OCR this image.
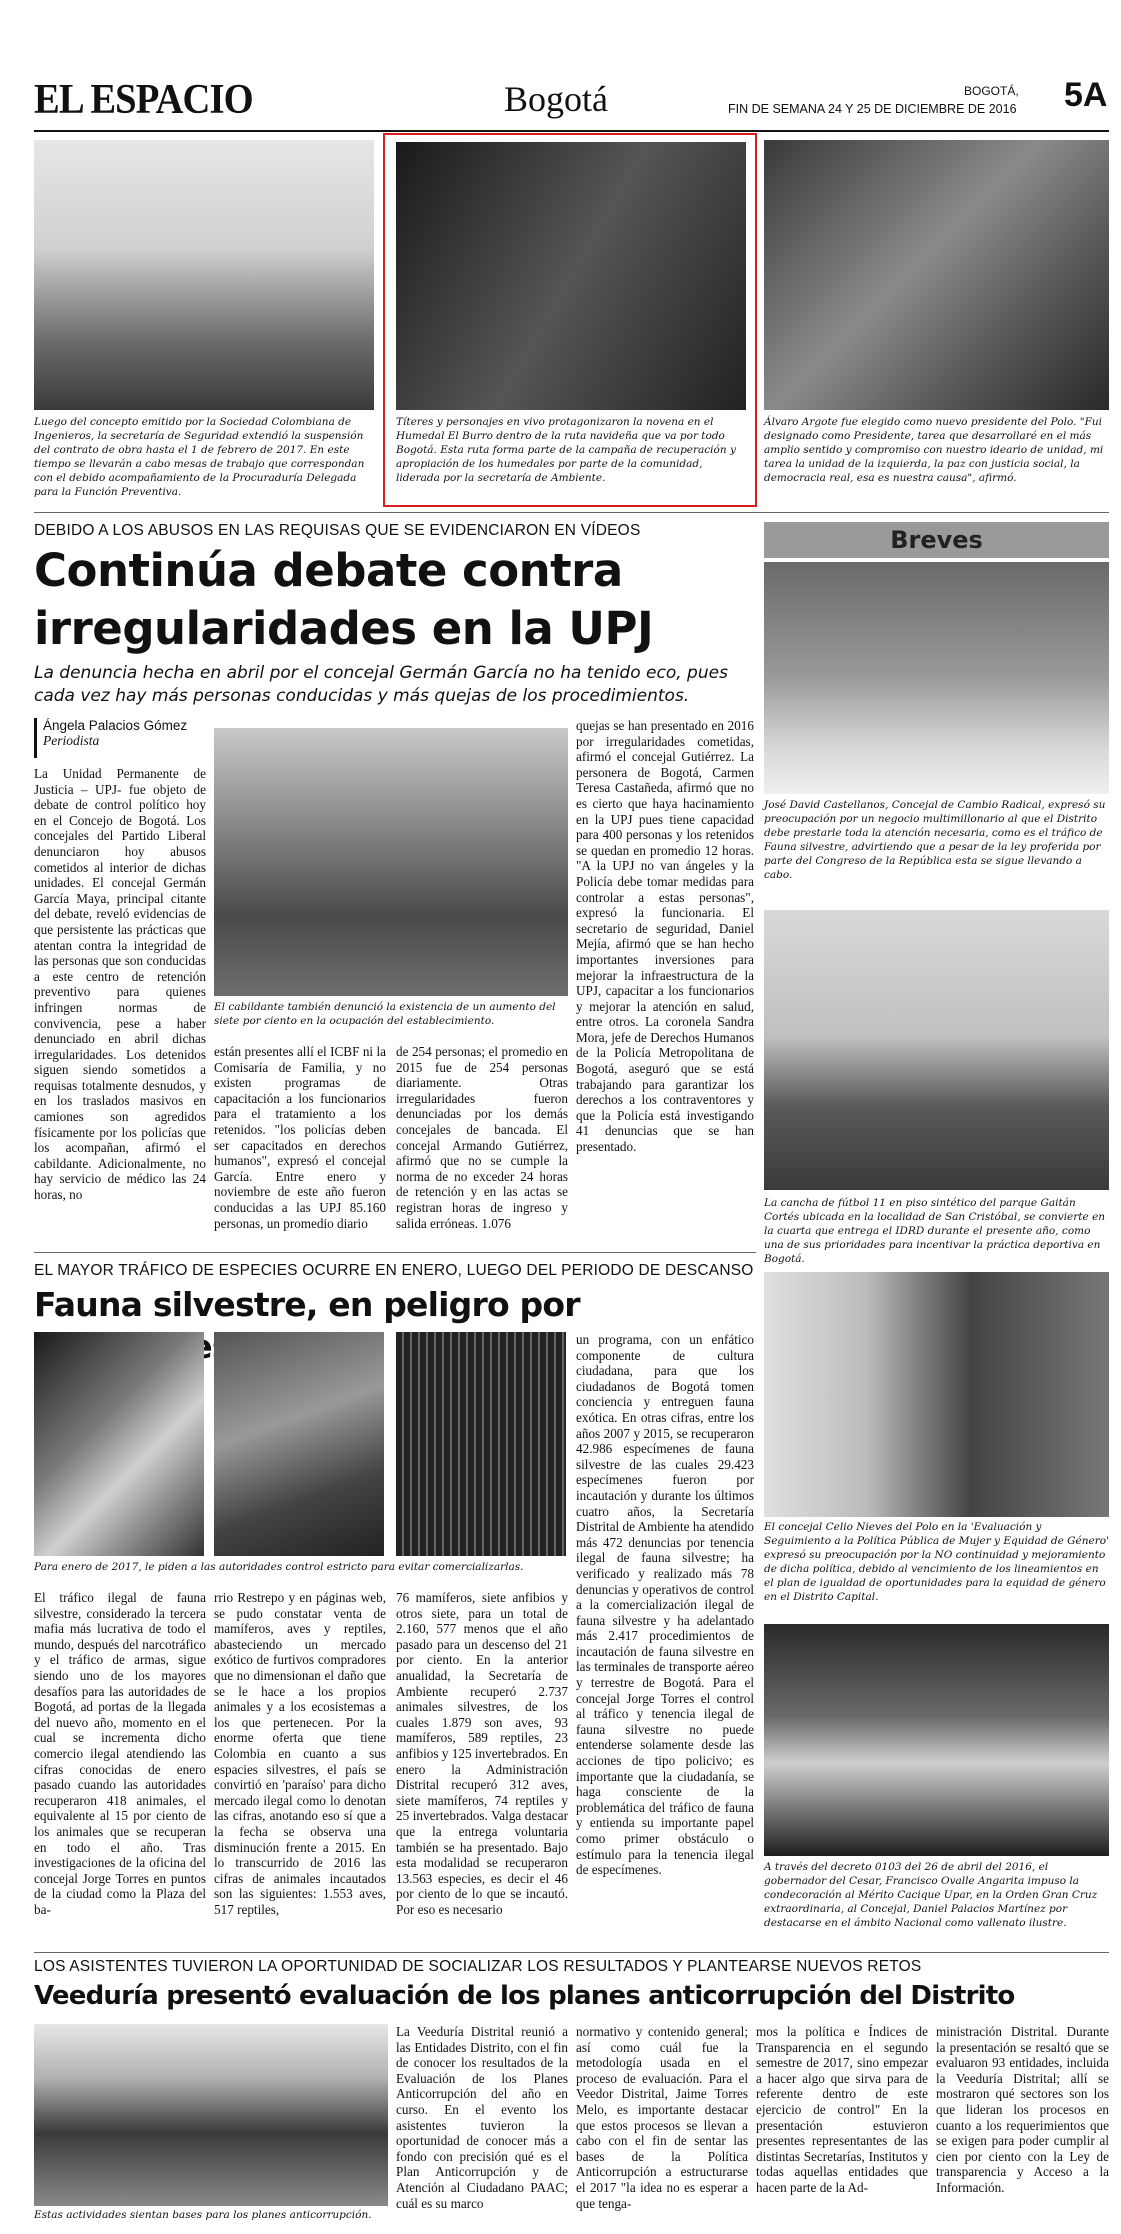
EL ESPACIO	Bogotá	BOGOTÁ,
FIN DE SEMANA 24 Y 25 DE DICIEMBRE DE 2016 5A
Luego del concepto emitido por la Sociedad Colombiana de Ingenieros, la secretaría de Seguridad extendió la suspensión del contrato de obra hasta el 1 de febrero de 2017. En este tiempo se llevarán a cabo mesas de trabajo que correspondan con el debido acompañamiento de la Procuraduría Delegada para la Función Preventiva.
Títeres y personajes en vivo protagonizaron la novena en el Humedal El Burro dentro de la ruta navideña que va por todo Bogotá. Esta ruta forma parte de la campaña de recuperación y apropiación de los humedales por parte de la comunidad, liderada por la secretaría de Ambiente.
Álvaro Argote fue elegido como nuevo presidente del Polo. "Fui designado como Presidente, tarea que desarrollaré en el más amplio sentido y compromiso con nuestro ideario de unidad, mi tarea la unidad de la izquierda, la paz con justicia social, la democracia real, esa es nuestra causa", afirmó.
DEBIDO A LOS ABUSOS EN LAS REQUISAS QUE SE EVIDENCIARON EN VÍDEOS
Continúa debate contra irregularidades en la UPJ
La denuncia hecha en abril por el concejal Germán García no ha tenido eco, pues cada vez hay más personas conducidas y más quejas de los procedimientos.
Ángela Palacios Gómez
Periodista
La Unidad Permanente de Justicia – UPJ- fue objeto de debate de control político hoy en el Concejo de Bogotá. Los concejales del Partido Liberal denunciaron hoy abusos cometidos al interior de dichas unidades. El concejal Germán García Maya, principal citante del debate, reveló evidencias de que persistente las prácticas que atentan contra la integridad de las personas que son conducidas a este centro de retención preventivo para quienes infringen normas de convivencia, pese a haber denunciado en abril dichas irregularidades. Los detenidos siguen siendo sometidos a requisas totalmente desnudos, y en los traslados masivos en camiones son agredidos físicamente por los policías que los acompañan, afirmó el cabildante. Adicionalmente, no hay servicio de médico las 24 horas, no
El cabildante también denunció la existencia de un aumento del siete por ciento en la ocupación del establecimiento.
están presentes allí el ICBF ni la Comisaría de Familia, y no existen programas de capacitación a los funcionarios para el tratamiento a los retenidos. "los policías deben ser capacitados en derechos humanos", expresó el concejal García. Entre enero y noviembre de este año fueron conducidas a las UPJ 85.160 personas, un promedio diario
de 254 personas; el promedio en 2015 fue de 254 personas diariamente. Otras irregularidades fueron denunciadas por los demás concejales de bancada. El concejal Armando Gutiérrez, afirmó que no se cumple la norma de no exceder 24 horas de retención y en las actas se registran horas de ingreso y salida erróneas. 1.076
quejas se han presentado en 2016 por irregularidades cometidas, afirmó el concejal Gutiérrez. La personera de Bogotá, Carmen Teresa Castañeda, afirmó que no es cierto que haya hacinamiento en la UPJ pues tiene capacidad para 400 personas y los retenidos se quedan en promedio 12 horas. "A la UPJ no van ángeles y la Policía debe tomar medidas para controlar a estas personas", expresó la funcionaria. El secretario de seguridad, Daniel Mejía, afirmó que se han hecho importantes inversiones para mejorar la infraestructura de la UPJ, capacitar a los funcionarios y mejorar la atención en salud, entre otros. La coronela Sandra Mora, jefe de Derechos Humanos de la Policía Metropolitana de Bogotá, aseguró que se está trabajando para garantizar los derechos a los contraventores y que la Policía está investigando 41 denuncias que se han presentado.
Breves
José David Castellanos, Concejal de Cambio Radical, expresó su preocupación por un negocio multimillonario al que el Distrito debe prestarle toda la atención necesaria, como es el tráfico de Fauna silvestre, advirtiendo que a pesar de la ley proferida por parte del Congreso de la República esta se sigue llevando a cabo.
La cancha de fútbol 11 en piso sintético del parque Gaitán Cortés ubicada en la localidad de San Cristóbal, se convierte en la cuarta que entrega el IDRD durante el presente año, como una de sus prioridades para incentivar la práctica deportiva en Bogotá.
El concejal Celio Nieves del Polo en la 'Evaluación y Seguimiento a la Política Pública de Mujer y Equidad de Género' expresó su preocupación por la NO continuidad y mejoramiento de dicha política, debido al vencimiento de los lineamientos en el plan de igualdad de oportunidades para la equidad de género en el Distrito Capital.
A través del decreto 0103 del 26 de abril del 2016, el gobernador del Cesar, Francisco Ovalle Angarita impuso la condecoración al Mérito Cacique Upar, en la Orden Gran Cruz extraordinaria, al Concejal, Daniel Palacios Martínez por destacarse en el ámbito Nacional como vallenato ilustre.
EL MAYOR TRÁFICO DE ESPECIES OCURRE EN ENERO, LUEGO DEL PERIODO DE DESCANSO
Fauna silvestre, en peligro por
Para enero de 2017, le piden a las autoridades control estricto para evitar comercializarlas.
El tráfico ilegal de fauna silvestre, considerado la tercera mafia más lucrativa de todo el mundo, después del narcotráfico y el tráfico de armas, sigue siendo uno de los mayores desafíos para las autoridades de Bogotá, ad portas de la llegada del nuevo año, momento en el cual se incrementa dicho comercio ilegal atendiendo las cifras conocidas de enero pasado cuando las autoridades recuperaron 418 animales, el equivalente al 15 por ciento de los animales que se recuperan en todo el año. Tras investigaciones de la oficina del concejal Jorge Torres en puntos de la ciudad como la Plaza del ba-
rrio Restrepo y en páginas web, se pudo constatar venta de mamíferos, aves y reptiles, abasteciendo un mercado exótico de furtivos compradores que no dimensionan el daño que se le hace a los propios animales y a los ecosistemas a los que pertenecen. Por la enorme oferta que tiene Colombia en cuanto a sus espacies silvestres, el país se convirtió en 'paraíso' para dicho mercado ilegal como lo denotan las cifras, anotando eso sí que a la fecha se observa una disminución frente a 2015. En lo transcurrido de 2016 las cifras de animales incautados son las siguientes: 1.553 aves, 517 reptiles,
76 mamíferos, siete anfibios y otros siete, para un total de 2.160, 577 menos que el año pasado para un descenso del 21 por ciento. En la anterior anualidad, la Secretaría de Ambiente recuperó 2.737 animales silvestres, de los cuales 1.879 son aves, 93 mamíferos, 589 reptiles, 23 anfibios y 125 invertebrados. En enero la Administración Distrital recuperó 312 aves, siete mamíferos, 74 reptiles y 25 invertebrados. Valga destacar que la entrega voluntaria también se ha presentado. Bajo esta modalidad se recuperaron 13.563 especies, es decir el 46 por ciento de lo que se incautó. Por eso es necesario
un programa, con un enfático componente de cultura ciudadana, para que los ciudadanos de Bogotá tomen conciencia y entreguen fauna exótica. En otras cifras, entre los años 2007 y 2015, se recuperaron 42.986 especímenes de fauna silvestre de las cuales 29.423 especímenes fueron por incautación y durante los últimos cuatro años, la Secretaría Distrital de Ambiente ha atendido más 472 denuncias por tenencia ilegal de fauna silvestre; ha verificado y realizado más 78 denuncias y operativos de control a la comercialización ilegal de fauna silvestre y ha adelantado más 2.417 procedimientos de incautación de fauna silvestre en las terminales de transporte aéreo y terrestre de Bogotá. Para el concejal Jorge Torres el control al tráfico y tenencia ilegal de fauna silvestre no puede entenderse solamente desde las acciones de tipo policivo; es importante que la ciudadanía, se haga consciente de la problemática del tráfico de fauna y entienda su importante papel como primer obstáculo o estímulo para la tenencia ilegal de especímenes.
LOS ASISTENTES TUVIERON LA OPORTUNIDAD DE SOCIALIZAR LOS RESULTADOS Y PLANTEARSE NUEVOS RETOS
Veeduría presentó evaluación de los planes anticorrupción del Distrito
Estas actividades sientan bases para los planes anticorrupción.
La Veeduría Distrital reunió a las Entidades Distrito, con el fin de conocer los resultados de la Evaluación de los Planes Anticorrupción del año en curso. En el evento los asistentes tuvieron la oportunidad de conocer más a fondo con precisión qué es el Plan Anticorrupción y de Atención al Ciudadano PAAC; cuál es su marco
normativo y contenido general; así como cuál fue la metodología usada en el proceso de evaluación. Para el Veedor Distrital, Jaime Torres Melo, es importante destacar que estos procesos se llevan a cabo con el fin de sentar las bases de la Política Anticorrupción a estructurarse el 2017 "la idea no es esperar a que tenga-
mos la política e Índices de Transparencia en el segundo semestre de 2017, sino empezar a hacer algo que sirva para de referente dentro de este ejercicio de control" En la presentación estuvieron presentes representantes de las distintas Secretarías, Institutos y todas aquellas entidades que hacen parte de la Ad-
ministración Distrital. Durante la presentación se resaltó que se evaluaron 93 entidades, incluida la Veeduría Distrital; allí se mostraron qué sectores son los que lideran los procesos en cuanto a los requerimientos que se exigen para poder cumplir al cien por ciento con la Ley de transparencia y Acceso a la Información.
